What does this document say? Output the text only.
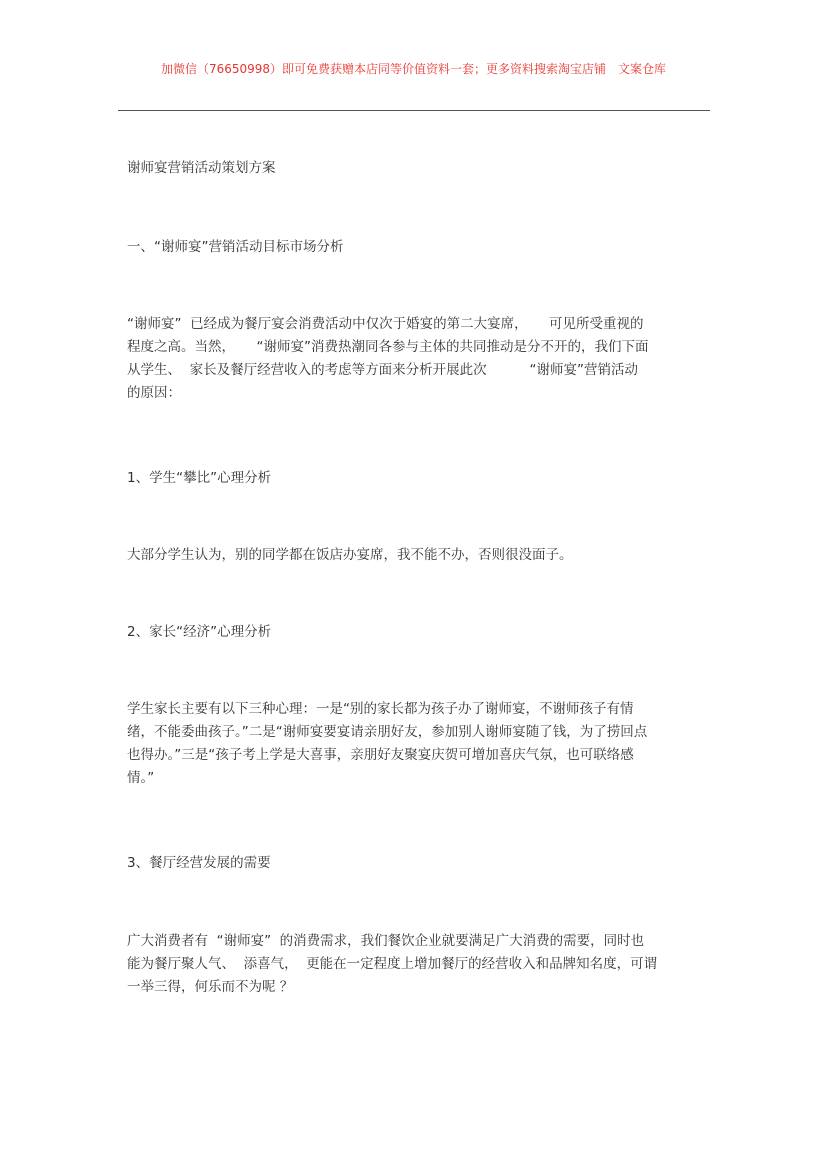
加微信（76650998）即可免费获赠本店同等价值资料一套；更多资料搜索淘宝店铺　文案仓库
谢师宴营销活动策划方案
一、“谢师宴”营销活动目标市场分析
“谢师宴”  已经成为餐厅宴会消费活动中仅次于婚宴的第二大宴席，     可见所受重视的
程度之高。当然，     “谢师宴”消费热潮同各参与主体的共同推动是分不开的，我们下面
从学生、  家长及餐厅经营收入的考虑等方面来分析开展此次          “谢师宴”营销活动
的原因：
1、学生“攀比”心理分析
大部分学生认为，别的同学都在饭店办宴席，我不能不办，否则很没面子。
2、家长“经济”心理分析
学生家长主要有以下三种心理：一是“别的家长都为孩子办了谢师宴，不谢师孩子有情
绪，不能委曲孩子。”二是“谢师宴要宴请亲朋好友，参加别人谢师宴随了钱，为了捞回点
也得办。”三是“孩子考上学是大喜事，亲朋好友聚宴庆贺可增加喜庆气氛，也可联络感
情。”
3、餐厅经营发展的需要
广大消费者有  “谢师宴”  的消费需求，我们餐饮企业就要满足广大消费的需要，同时也
能为餐厅聚人气、  添喜气，  更能在一定程度上增加餐厅的经营收入和品牌知名度，可谓
一举三得，何乐而不为呢 ？
